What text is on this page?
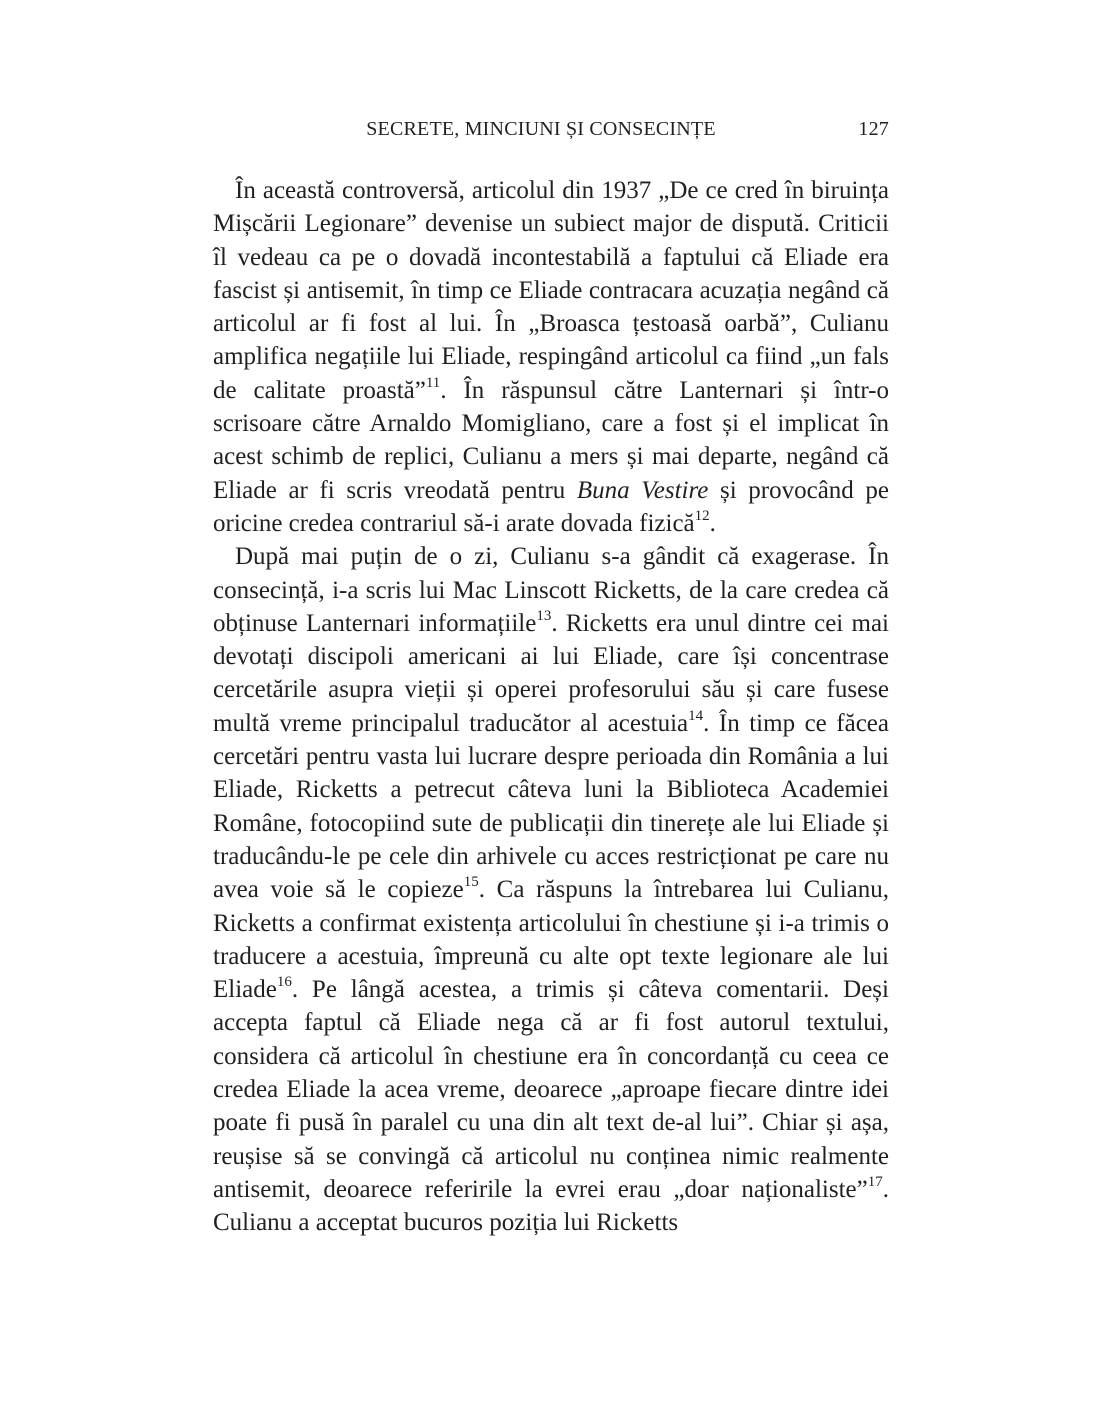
SECRETE, MINCIUNI ȘI CONSECINȚE	127

În această controversă, articolul din 1937 „De ce cred în biruința Mișcării Legionare” devenise un subiect major de dispută. Criticii îl vedeau ca pe o dovadă incontestabilă a faptului că Eliade era fascist și antisemit, în timp ce Eliade contracara acuzația negând că articolul ar fi fost al lui. În „Broasca țestoasă oarbă”, Culianu amplifica negațiile lui Eliade, respingând articolul ca fiind „un fals de calitate proastă”$^{11}$. În răspunsul către Lanternari și într-o scrisoare către Arnaldo Momigliano, care a fost și el implicat în acest schimb de replici, Culianu a mers și mai departe, negând că Eliade ar fi scris vreodată pentru Buna Vestire și provocând pe oricine credea contrariul să-i arate dovada fizică$^{12}$.

După mai puțin de o zi, Culianu s-a gândit că exagerase. În consecință, i-a scris lui Mac Linscott Ricketts, de la care credea că obținuse Lanternari informațiile$^{13}$. Ricketts era unul dintre cei mai devotați discipoli americani ai lui Eliade, care își concentrase cercetările asupra vieții și operei profesorului său și care fusese multă vreme principalul traducător al acestuia$^{14}$. În timp ce făcea cercetări pentru vasta lui lucrare despre perioada din România a lui Eliade, Ricketts a petrecut câteva luni la Biblioteca Academiei Române, fotocopiind sute de publicații din tinerețe ale lui Eliade și traducându-le pe cele din arhivele cu acces restricționat pe care nu avea voie să le copieze$^{15}$. Ca răspuns la întrebarea lui Culianu, Ricketts a confirmat existența articolului în chestiune și i-a trimis o traducere a acestuia, împreună cu alte opt texte legionare ale lui Eliade$^{16}$. Pe lângă acestea, a trimis și câteva comentarii. Deși accepta faptul că Eliade nega că ar fi fost autorul textului, considera că articolul în chestiune era în concordanță cu ceea ce credea Eliade la acea vreme, deoarece „aproape fiecare dintre idei poate fi pusă în paralel cu una din alt text de-al lui”. Chiar și așa, reușise să se convingă că articolul nu conținea nimic realmente antisemit, deoarece referirile la evrei erau „doar naționaliste”$^{17}$. Culianu a acceptat bucuros poziția lui Ricketts
